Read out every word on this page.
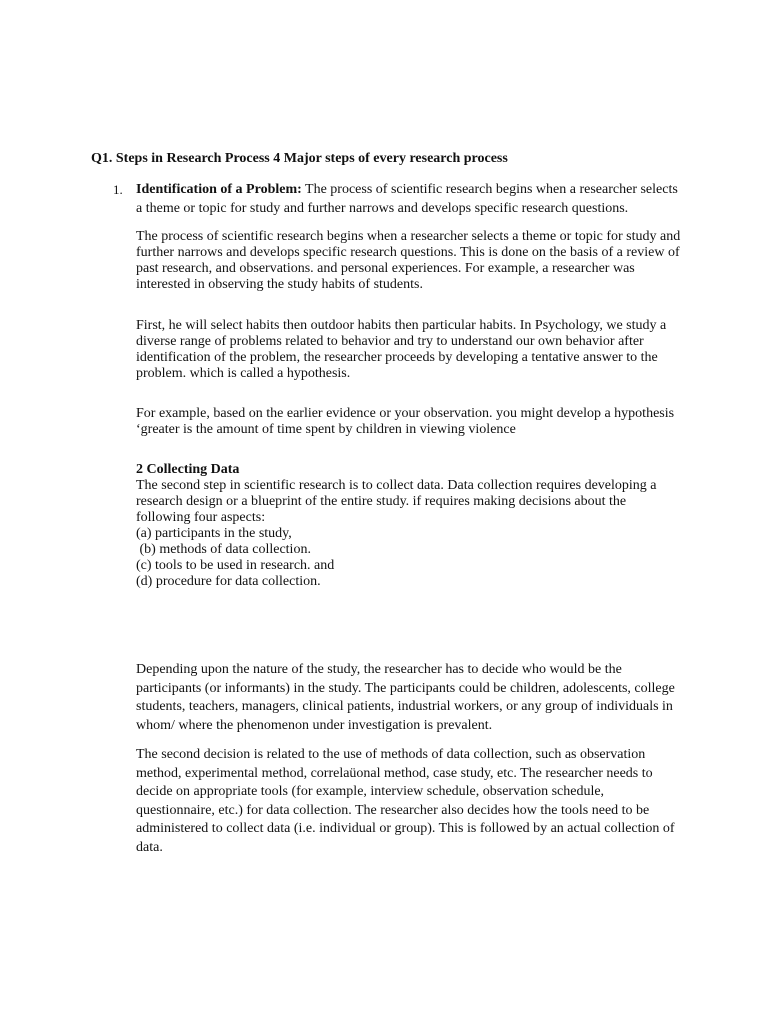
Q1. Steps in Research Process 4 Major steps of every research process
1. Identification of a Problem: The process of scientific research begins when a researcher selects a theme or topic for study and further narrows and develops specific research questions.

The process of scientific research begins when a researcher selects a theme or topic for study and further narrows and develops specific research questions. This is done on the basis of a review of past research, and observations. and personal experiences. For example, a researcher was interested in observing the study habits of students.

First, he will select habits then outdoor habits then particular habits. In Psychology, we study a diverse range of problems related to behavior and try to understand our own behavior after identification of the problem, the researcher proceeds by developing a tentative answer to the problem. which is called a hypothesis.

For example, based on the earlier evidence or your observation. you might develop a hypothesis ‘greater is the amount of time spent by children in viewing violence

2 Collecting Data
The second step in scientific research is to collect data. Data collection requires developing a research design or a blueprint of the entire study. if requires making decisions about the following four aspects:
(a) participants in the study,
(b) methods of data collection.
(c) tools to be used in research. and
(d) procedure for data collection.

Depending upon the nature of the study, the researcher has to decide who would be the participants (or informants) in the study. The participants could be children, adolescents, college students, teachers, managers, clinical patients, industrial workers, or any group of individuals in whom/ where the phenomenon under investigation is prevalent.

The second decision is related to the use of methods of data collection, such as observation method, experimental method, correlaüonal method, case study, etc. The researcher needs to decide on appropriate tools (for example, interview schedule, observation schedule, questionnaire, etc.) for data collection. The researcher also decides how the tools need to be administered to collect data (i.e. individual or group). This is followed by an actual collection of data.
